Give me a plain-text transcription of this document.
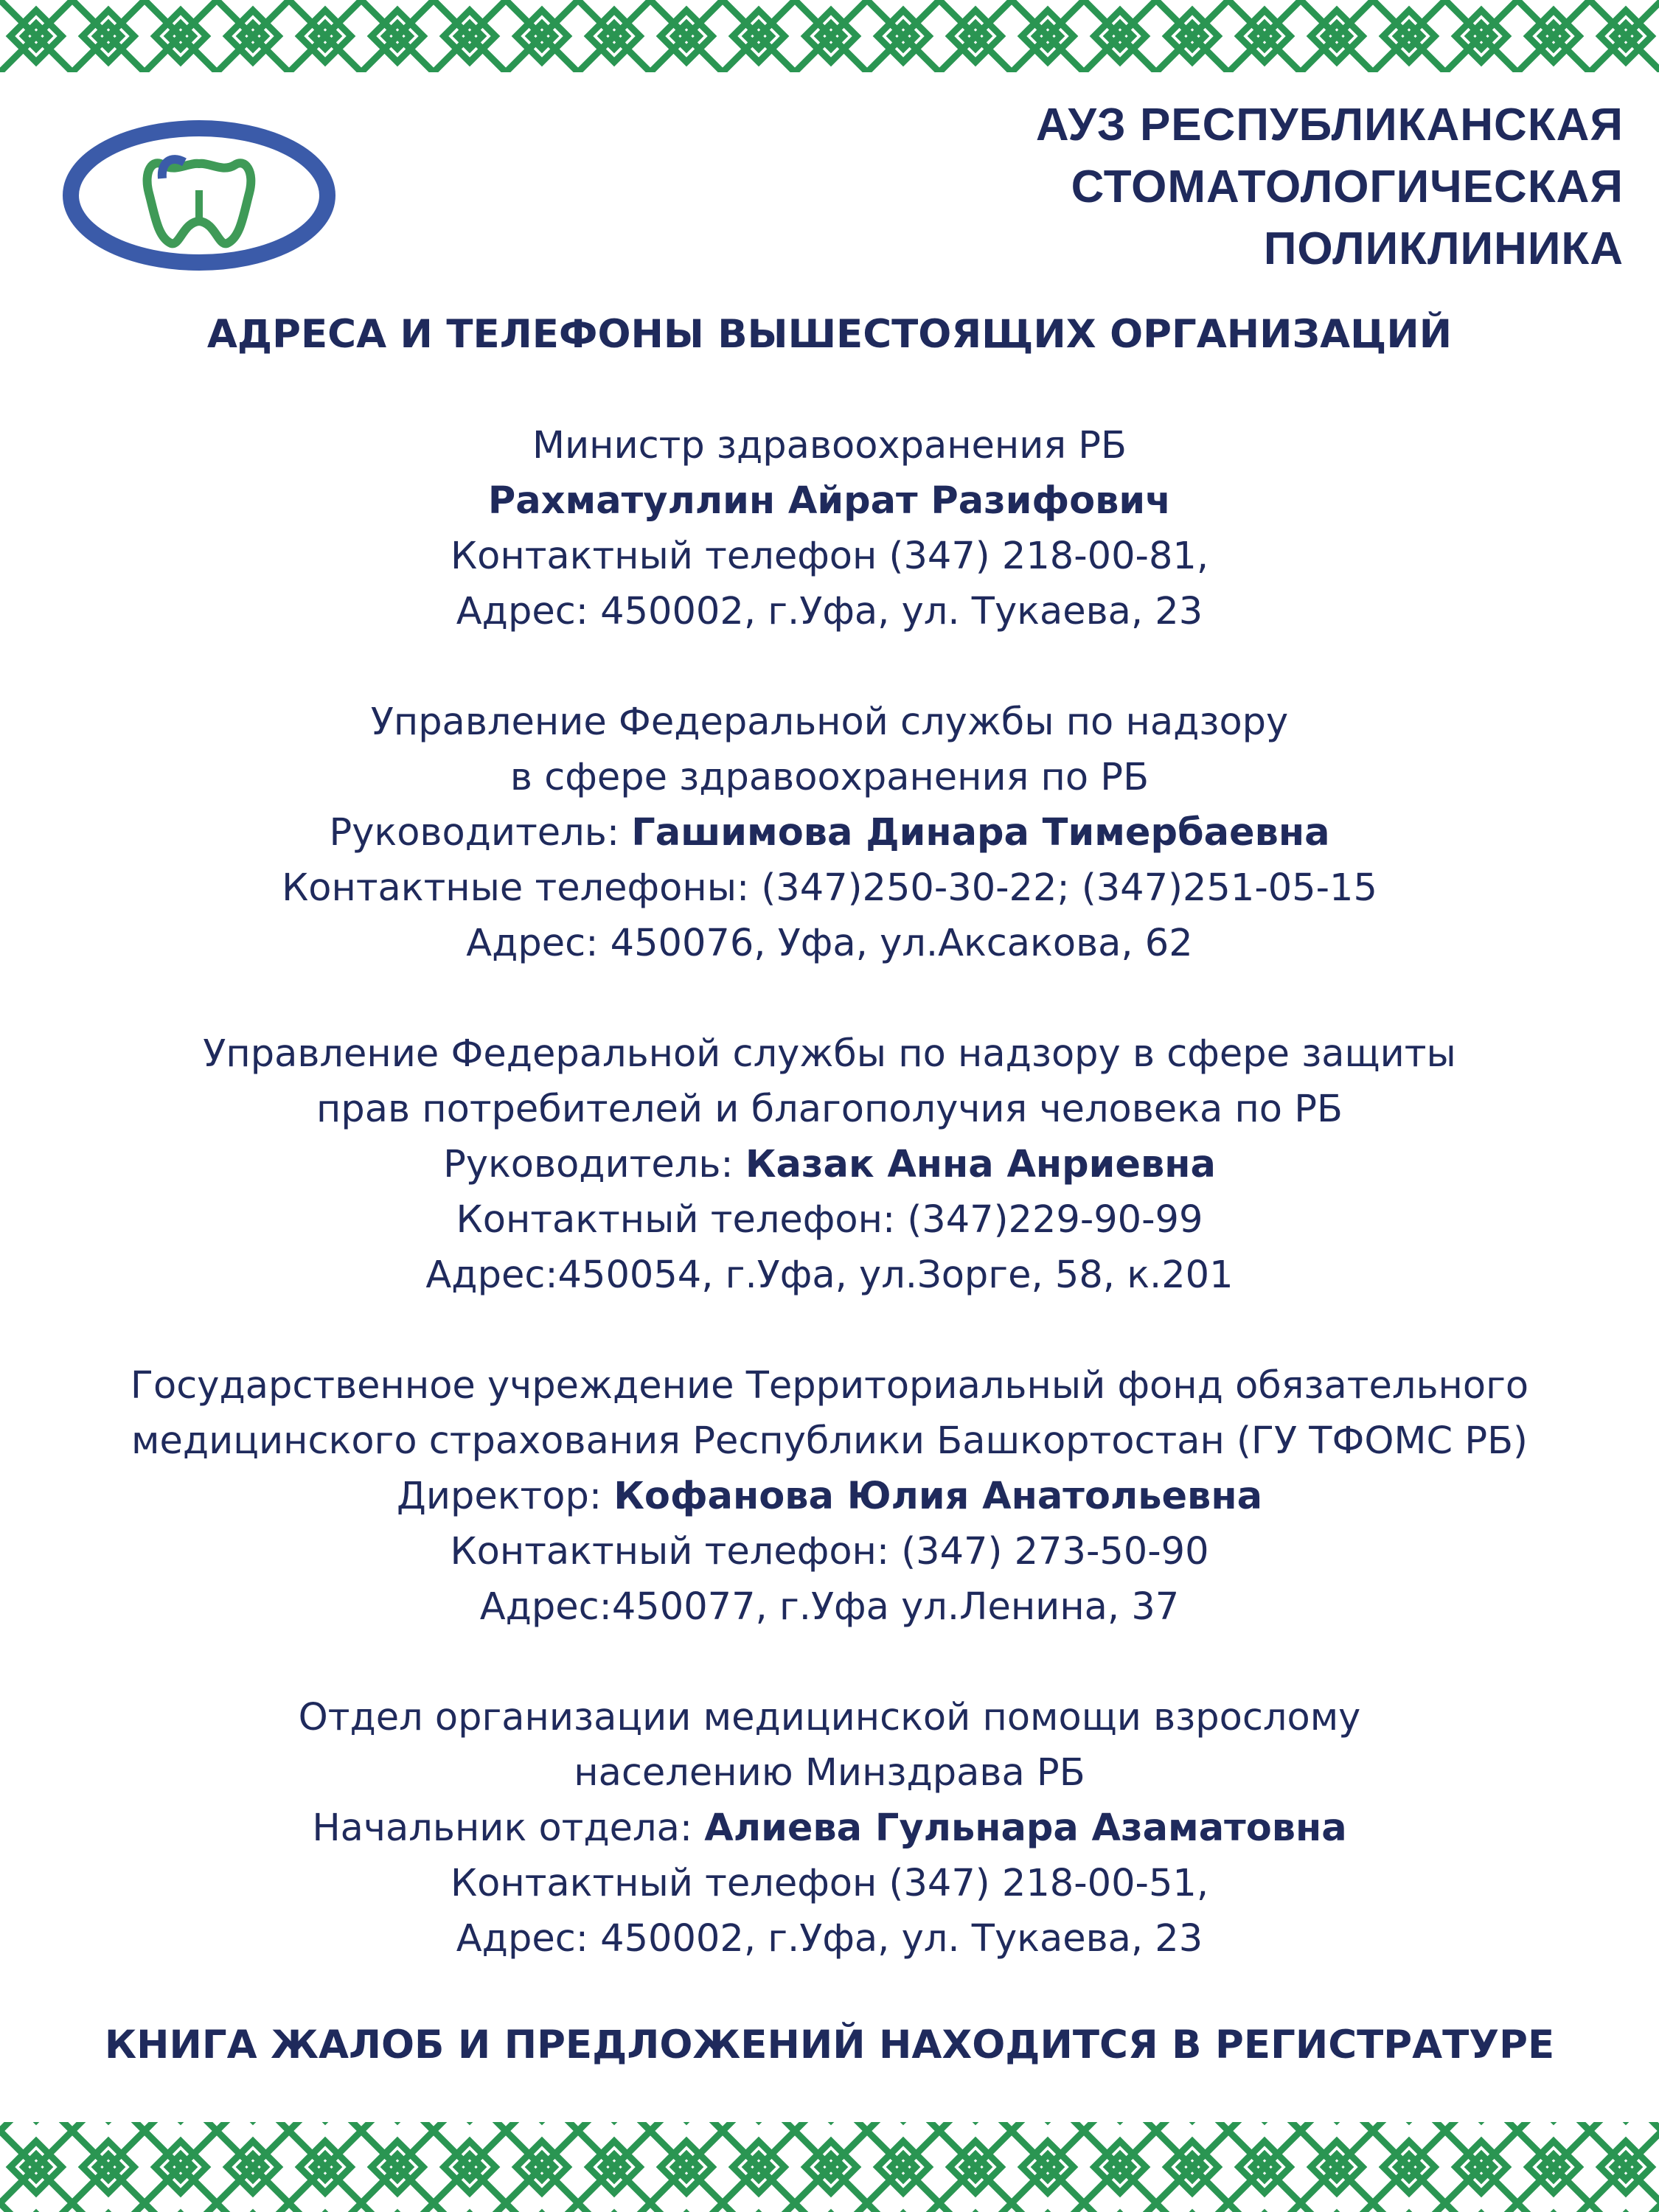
АУЗ РЕСПУБЛИКАНСКАЯ
СТОМАТОЛОГИЧЕСКАЯ
ПОЛИКЛИНИКА
АДРЕСА И ТЕЛЕФОНЫ ВЫШЕСТОЯЩИХ ОРГАНИЗАЦИЙ
Министр здравоохранения РБ
Рахматуллин Айрат Разифович
Контактный телефон (347) 218-00-81,
Адрес: 450002, г.Уфа, ул. Тукаева, 23
Управление Федеральной службы по надзору
в сфере здравоохранения по РБ
Руководитель: Гашимова Динара Тимербаевна
Контактные телефоны: (347)250-30-22; (347)251-05-15
Адрес: 450076, Уфа, ул.Аксакова, 62
Управление Федеральной службы по надзору в сфере защиты
прав потребителей и благополучия человека по РБ
Руководитель: Казак Анна Анриевна
Контактный телефон: (347)229-90-99
Адрес:450054, г.Уфа, ул.Зорге, 58, к.201
Государственное учреждение Территориальный фонд обязательного
медицинского страхования Республики Башкортостан (ГУ ТФОМС РБ)
Директор: Кофанова Юлия Анатольевна
Контактный телефон: (347) 273-50-90
Адрес:450077, г.Уфа ул.Ленина, 37
Отдел организации медицинской помощи взрослому
населению Минздрава РБ
Начальник отдела: Алиева Гульнара Азаматовна
Контактный телефон (347) 218-00-51,
Адрес: 450002, г.Уфа, ул. Тукаева, 23
КНИГА ЖАЛОБ И ПРЕДЛОЖЕНИЙ НАХОДИТСЯ В РЕГИСТРАТУРЕ
